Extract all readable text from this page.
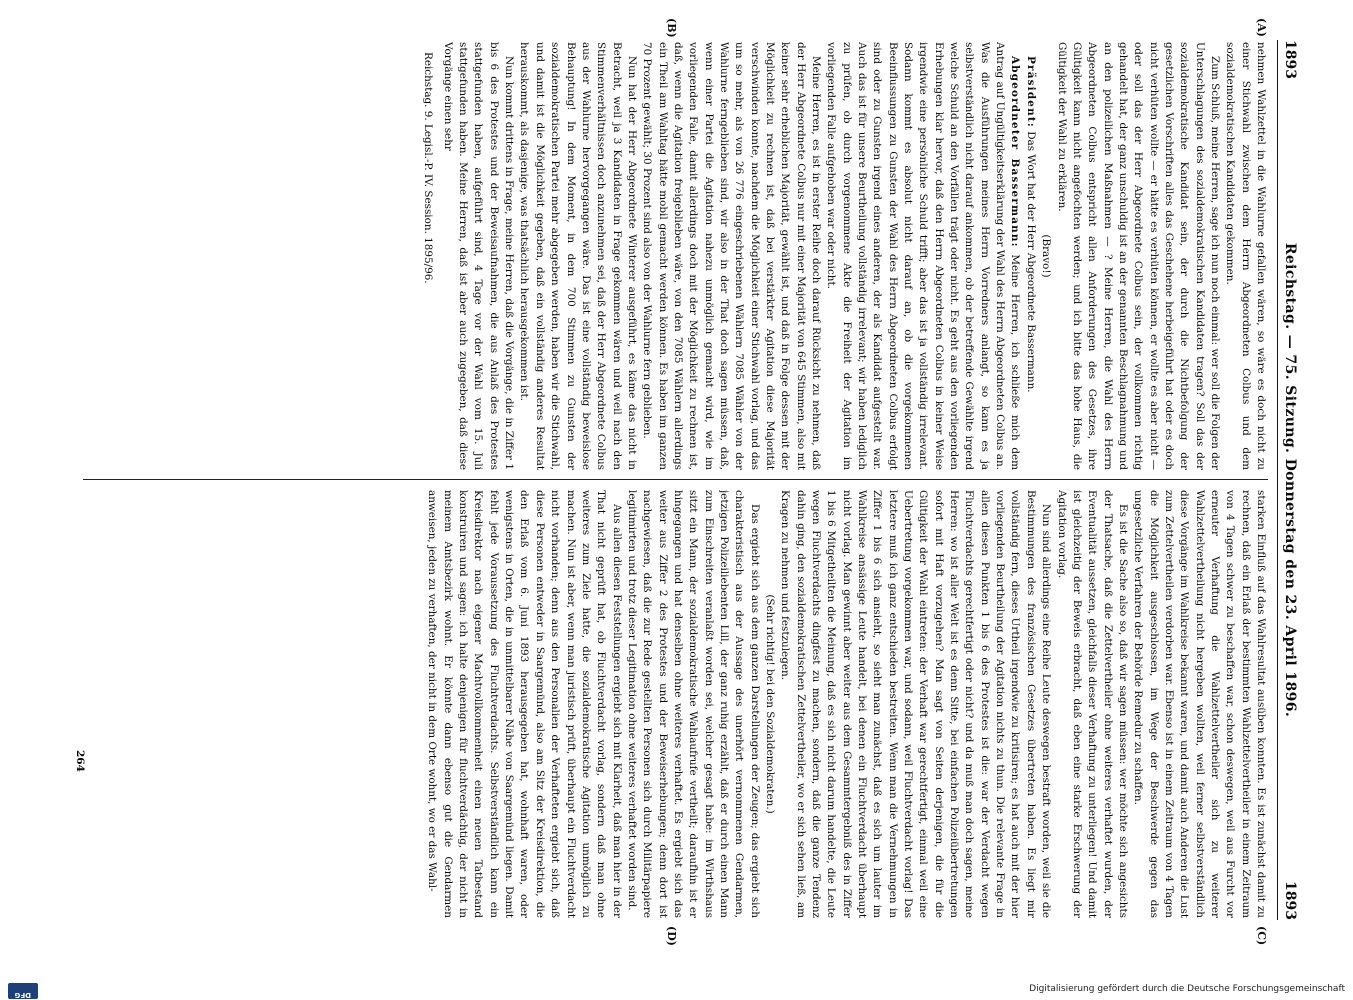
Digitalisierung gefördert durch die Deutsche Forschungsgemeinschaft
DFG
1893
Reichstag. — 75. Sitzung. Donnerstag den 23. April 1896.
1893
(A)
(B)
(C)
(D)

nehmen Wahlzettel in die Wahlurne gefallen wären, so wäre es doch nicht zu einer Stichwahl zwischen dem Herrn Abgeordneten Colbus und dem sozialdemokratischen Kandidaten gekommen.

Zum Schluß, meine Herren, sage ich nun noch einmal: wer soll die Folgen der Unterschlagungen des sozialdemokratischen Kandidaten tragen? Soll das der sozialdemokratische Kandidat sein, der durch die Nichtbefolgung der gesetzlichen Vorschriften alles das Geschehene herbeigeführt hat oder es doch nicht verhüten wollte — er hätte es verhüten können, er wollte es aber nicht — oder soll das der Herr Abgeordnete Colbus sein, der vollkommen richtig gehandelt hat, der ganz unschuldig ist an der genannten Beschlagnahmung und an den polizeilichen Maßnahmen — ? Meine Herren, die Wahl des Herrn Abgeordneten Colbus entspricht allen Anforderungen des Gesetzes, ihre Gültigkeit kann nicht angefochten werden; und ich bitte das hohe Haus, die Gültigkeit der Wahl zu erklären.

(Bravo!)

Präsident: Das Wort hat der Herr Abgeordnete Bassermann.

Abgeordneter Bassermann: Meine Herren, ich schließe mich dem Antrag auf Ungültigkeitserklärung der Wahl des Herrn Abgeordneten Colbus an. Was die Ausführungen meines Herrn Vorredners anlangt, so kann es ja selbstverständlich nicht darauf ankommen, ob der betreffende Gewählte irgend welche Schuld an den Vorfällen trägt oder nicht. Es geht aus den vorliegenden Erhebungen klar hervor, daß den Herrn Abgeordneten Colbus in keiner Weise irgendwie eine persönliche Schuld trifft; aber das ist ja vollständig irrelevant. Sodann kommt es absolut nicht darauf an, ob die vorgekommenen Beeinflussungen zu Gunsten der Wahl des Herrn Abgeordneten Colbus erfolgt sind oder zu Gunsten irgend eines anderen, der als Kandidat aufgestellt war. Auch das ist für unsere Beurtheilung vollständig irrelevant; wir haben lediglich zu prüfen, ob durch vorgenommene Akte die Freiheit der Agitation im vorliegenden Falle aufgehoben war oder nicht.

Meine Herren, es ist in erster Reihe doch darauf Rücksicht zu nehmen, daß der Herr Abgeordnete Colbus nur mit einer Majorität von 645 Stimmen, also mit keiner sehr erheblichen Majorität, gewählt ist, und daß in Folge dessen mit der Möglichkeit zu rechnen ist, daß bei verstärkter Agitation diese Majorität verschwinden konnte, nachdem die Möglichkeit einer Stichwahl vorlag, und das um so mehr, als von 26 776 eingeschriebenen Wählern 7085 Wähler von der Wahlurne ferngeblieben sind, wir also in der That doch sagen müssen, daß, wenn einer Partei die Agitation nahezu unmöglich gemacht wird, wie im vorliegenden Falle, damit allerdings doch mit der Möglichkeit zu rechnen ist, daß, wenn die Agitation freigeblieben wäre, von den 7085 Wählern allerdings ein Theil am Wahltag hätte mobil gemacht werden können. Es haben im ganzen 70 Prozent gewählt; 30 Prozent sind also von der Wahlurne fern geblieben.

Nun hat der Herr Abgeordnete Winterer ausgeführt, es käme das nicht in Betracht, weil ja 3 Kandidaten in Frage gekommen wären und weil nach den Stimmenverhältnissen doch anzunehmen sei, daß der Herr Abgeordnete Colbus aus der Wahlurne hervorgegangen wäre. Das ist eine vollständig beweislose Behauptung! In dem Moment, in dem 700 Stimmen zu Gunsten der sozialdemokratischen Partei mehr abgegeben werden, haben wir die Stichwahl, und damit ist die Möglichkeit gegeben, daß ein vollständig anderes Resultat herauskommt, als dasjenige, was thatsächlich herausgekommen ist.

Nun kommt drittens in Frage, meine Herren, daß die Vorgänge, die in Ziffer 1 bis 6 des Protestes und der Beweisaufnahmen, die aus Anlaß des Protestes stattgefunden haben, aufgeführt sind, 4 Tage vor der Wahl vom 15. Juli stattgefunden haben. Meine Herren, daß ist aber auch zugegeben, daß diese Vorgänge einen sehr

Reichstag. 9. Legisl.-P. IV. Session. 1895/96.

starken Einfluß auf das Wahlresultat ausüben konnten. Es ist zunächst damit zu rechnen, daß ein Erlaß der bestimmten Wahlzettelvertheiler in einem Zeitraum von 4 Tagen schwer zu beschaffen war, schon deswegen, weil aus Furcht vor erneuter Verhaftung die Wahlzettelvertheiler sich zu weiterer Wahlzettelvertheilung nicht hergeben wollten, weil ferner selbstverständlich diese Vorgänge im Wahlkreise bekannt waren, und damit auch Anderen die Lust zum Zettelvertheilen verdorben war. Ebenso ist in einem Zeitraum von 4 Tagen die Möglichkeit ausgeschlossen, im Wege der Beschwerde gegen das ungesetzliche Verfahren der Behörde Remedur zu schaffen.

Es ist die Sache also so, daß wir sagen müssen: wer möchte sich angesichts der Thatsache, daß die Zettelvertheiler ohne weiteres verhaftet wurden, der Eventualität aussetzen, gleichfalls dieser Verhaftung zu unterliegen! Und damit ist gleichzeitig der Beweis erbracht, daß eben eine starke Erschwerung der Agitation vorlag.

Nun sind allerdings eine Reihe Leute deswegen bestraft worden, weil sie die Bestimmungen des französischen Gesetzes übertreten haben. Es liegt mir vollständig fern, dieses Urtheil irgendwie zu kritisiren; es hat auch mit der hier vorliegenden Beurtheilung der Agitation nichts zu thun. Die relevante Frage in allen diesen Punkten 1 bis 6 des Protestes ist die: war der Verdacht wegen Fluchtverdachts gerechtfertigt oder nicht? und da muß man doch sagen, meine Herren: wo ist aller Welt ist es denn Sitte, bei einfachen Polizeiübertretungen sofort mit Haft vorzugehen? Man sagt von Seiten derjenigen, die für die Gültigkeit der Wahl eintreten: der Verhaft war gerechtfertigt, einmal weil eine Uebertretung vorgekommen war, und sodann, weil Fluchtverdacht vorlag! Das letztere muß ich ganz entschieden bestreiten. Wenn man die Vernehmungen in Ziffer 1 bis 6 sich ansieht, so sieht man zunächst, daß es sich um lauter im Wahlkreise ansässige Leute handelt, bei denen ein Fluchtverdacht überhaupt nicht vorlag. Man gewinnt aber weiter aus dem Gesammtergebniß des in Ziffer 1 bis 6 Mitgetheilten die Meinung, daß es sich nicht darum handelte, die Leute wegen Fluchtverdachts dingfest zu machen, sondern, daß die ganze Tendenz dahin ging, den sozialdemokratischen Zettelvertheiler, wo er sich sehen ließ, am Kragen zu nehmen und festzulegen.

(Sehr richtig! bei den Sozialdemokraten.)

Das ergiebt sich aus dem ganzen Darstellungen der Zeugen; das ergiebt sich charakteristisch aus der Aussage des unerhört vernommenen Gendarmen, jetzigen Polizeiliebenten Lill, der ganz ruhig erzählt, daß er durch einen Mann zum Einschreiten veranlaßt worden sei, welcher gesagt habe: im Wirthshaus sitzt ein Mann, der sozialdemokratische Wahlaufrufe vertheilt; daraufhin ist er hingegangen und hat denselben ohne weiteres verhaftet. Es ergiebt sich das weiter aus Ziffer 2 des Protestes und der Beweiserhebungen; denn dort ist nachgewiesen, daß die zur Rede gestellten Personen sich durch Militärpapiere legitimirten und trotz dieser Legitimation ohne weiteres verhaftet worden sind.

Aus allen diesen Feststellungen ergiebt sich mit Klarheit, daß man hier in der That nicht geprüft hat, ob Fluchtverdacht vorlag, sondern daß man ohne weiteres zum Ziele hatte, die sozialdemokratische Agitation unmöglich zu machen. Nun ist aber, wenn man juristisch prüft, überhaupt ein Fluchtverdacht nicht vorhanden; denn aus den Personalien der Verhafteten ergiebt sich, daß diese Personen entweder in Saargemünd, also am Sitz der Kreisdirektion, die den Erlaß vom 6. Juni 1893 herausgegeben hat, wohnhaft waren, oder wenigstens in Orten, die in unmittelbarer Nähe von Saargemünd liegen. Damit fehlt jede Voraussetzung des Fluchtverdachts. Selbstverständlich kann ein Kreisdirektor nach eigener Machtvollkommenheit einen neuen Tatbestand konstruiren und sagen: ich halte denjenigen für fluchtverdächtig, der nicht in meinem Amtsbezirk wohnt. Er könnte dann ebenso gut die Gendarmen anweisen, jeden zu verhaften, der nicht in dem Orte wohnt, wo er das Wahl-

264
